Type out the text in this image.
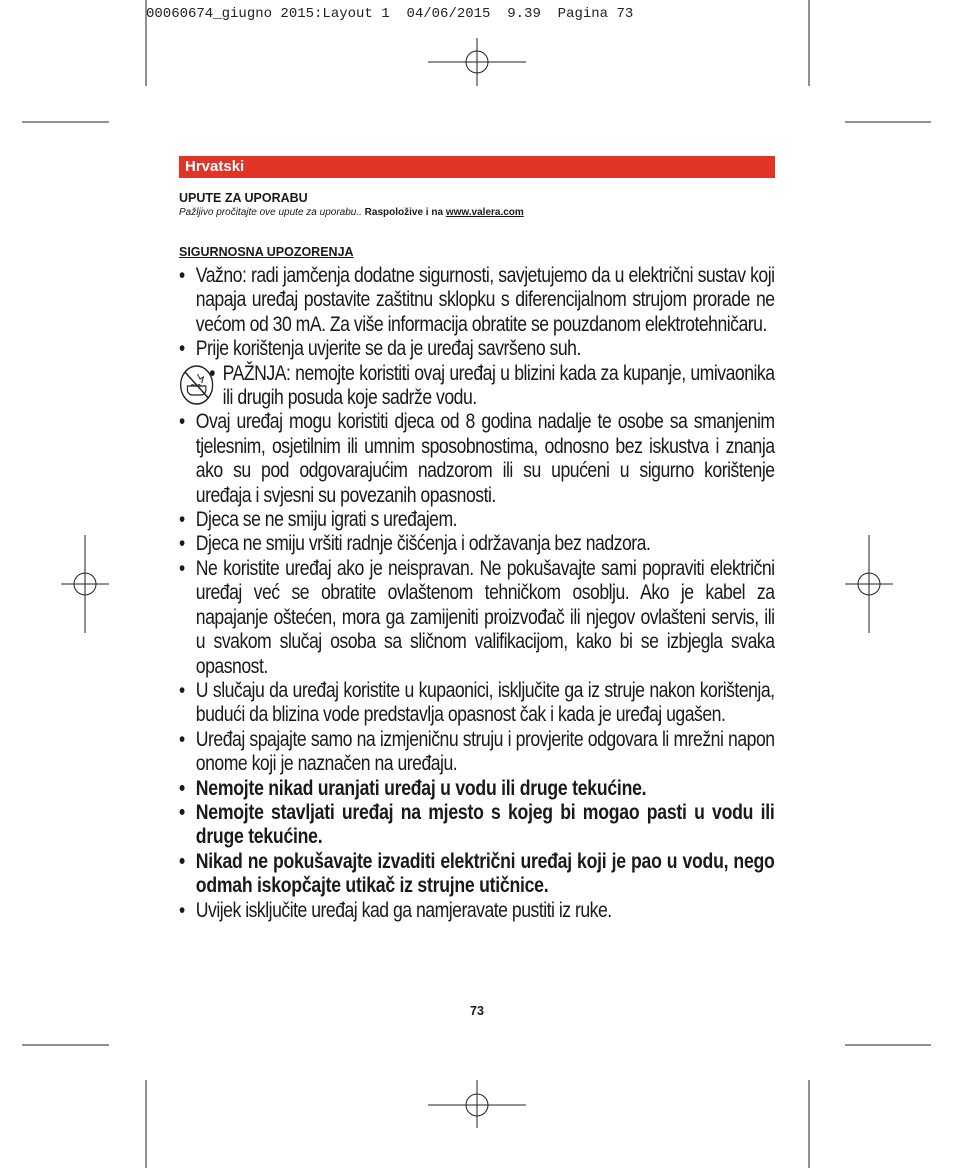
00060674_giugno 2015:Layout 1  04/06/2015  9.39  Pagina 73
Hrvatski
UPUTE ZA UPORABU
Pažljivo pročitajte ove upute za uporabu.. Raspoložive i na www.valera.com
SIGURNOSNA UPOZORENJA
• Važno: radi jamčenja dodatne sigurnosti, savjetujemo da u električni sustav koji napaja uređaj postavite zaštitnu sklopku s diferencijalnom strujom prorade ne većom od 30 mA. Za više informacija obratite se pouzdanom elektrotehničaru.
• Prije korištenja uvjerite se da je uređaj savršeno suh.
• PAŽNJA: nemojte koristiti ovaj uređaj u blizini kada za kupanje, umivaonika ili drugih posuda koje sadrže vodu.
• Ovaj uređaj mogu koristiti djeca od 8 godina nadalje te osobe sa smanjenim tjelesnim, osjetilnim ili umnim sposobnostima, odnosno bez iskustva i znanja ako su pod odgovarajućim nadzorom ili su upućeni u sigurno korištenje uređaja i svjesni su povezanih opasnosti.
• Djeca se ne smiju igrati s uređajem.
• Djeca ne smiju vršiti radnje čišćenja i održavanja bez nadzora.
• Ne koristite uređaj ako je neispravan. Ne pokušavajte sami popraviti električni uređaj već se obratite ovlaštenom tehničkom osoblju. Ako je kabel za napajanje oštećen, mora ga zamijeniti proizvođač ili njegov ovlašteni servis, ili u svakom slučaj osoba sa sličnom valifikacijom, kako bi se izbjegla svaka opasnost.
• U slučaju da uređaj koristite u kupaonici, isključite ga iz struje nakon korištenja, budući da blizina vode predstavlja opasnost čak i kada je uređaj ugašen.
• Uređaj spajajte samo na izmjeničnu struju i provjerite odgovara li mrežni napon onome koji je naznačen na uređaju.
• Nemojte nikad uranjati uređaj u vodu ili druge tekućine.
• Nemojte stavljati uređaj na mjesto s kojeg bi mogao pasti u vodu ili druge tekućine.
• Nikad ne pokušavajte izvaditi električni uređaj koji je pao u vodu, nego odmah iskopčajte utikač iz strujne utičnice.
• Uvijek isključite uređaj kad ga namjeravate pustiti iz ruke.
73
